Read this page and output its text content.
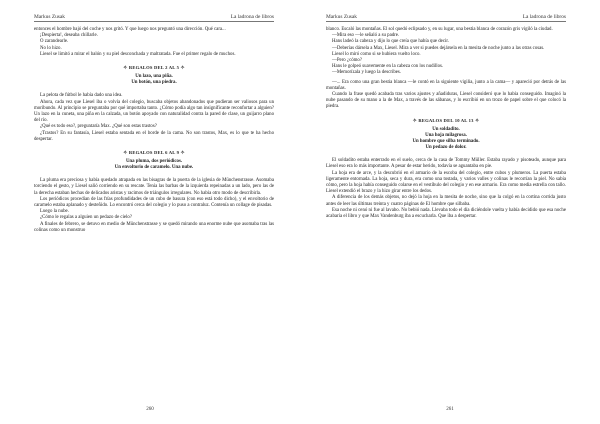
Markus Zusak	La ladrona de libros

entonces el hombre bajó del coche y nos gritó. Y que luego nos preguntó una dirección. Qué cara...

¡Despierta!, deseaba chillarle.

O zarandearle.

No lo hizo.

Liesel se limitó a mirar el balón y su piel desconchada y maltratada. Fue el primer regalo de muchos.

✧ REGALOS DEL 2 AL 5 ✧
Un lazo, una piña.
Un botón, una piedra.

La pelota de fútbol le había dado una idea.

Ahora, cada vez que Liesel iba o volvía del colegio, buscaba objetos abandonados que pudieran ser valiosos para un moribundo. Al principio se preguntaba por qué importaba tanto. ¿Cómo podía algo tan insignificante reconfortar a alguien? Un lazo en la cuneta, una piña en la calzada, un botón apoyado con naturalidad contra la pared de clase, un guijarro plano del río.

¿Qué es todo eso?, preguntaría Max. ¿Qué son estas trastos?

¿Trastos? En su fantasía, Liesel estaba sentada en el borde de la cama. No son trastos, Max, es lo que te ha hecho despertar.

✧ REGALOS DEL 6 AL 9 ✧
Una pluma, dos periódicos.
Un envoltorio de caramelo. Una nube.

La pluma era preciosa y había quedado atrapada en las bisagras de la puerta de la iglesia de Münchenstrasse. Asomaba torciendo el gesto, y Liesel salió corriendo en su rescate. Tenía las barbas de la izquierda repeinadas a un lado, pero las de la derecha estaban hechas de delicados aristas y racimos de triángulos irregulares. No había otro modo de describirla.

Los periódicos procedían de las frías profundidades de un cubo de basura (con eso está todo dicho), y el envoltorio de caramelo estaba aplanado y desteñido. Lo encontró cerca del colegio y lo puso a contraluz. Contenía un collage de pisadas.

Luego la nube.

¿Cómo le regalas a alguien un pedazo de cielo?

A finales de febrero, se detuvo en medio de Münchenstrasse y se quedó mirando una enorme nube que asomaba tras las colinas como un monstruo

260
Markus Zusak	La ladrona de libros

blanco. Escaló las montañas. El sol quedó eclipsado y, en su lugar, una bestia blanca de corazón gris vigiló la ciudad.

—Mira eso —le señaló a su padre.

Hans ladeó la cabeza y dijo lo que creía que había que decir.

—Deberías dársela a Max, Liesel. Mira a ver si puedes dejársela en la mesita de noche junto a las otras cosas.

Liesel lo miró como si se hubiera vuelto loco.

—Pero ¿cómo?

Hans le golpeó suavemente en la cabeza con los nudillos.

—Memorízala y luego la describes.

—... Era como una gran bestia blanca —le contó en la siguiente vigilia, junto a la cama— y apareció por detrás de las montañas.

Cuando la frase quedó acabada tras varios ajustes y añadiduras, Liesel consideró que lo había conseguido. Imaginó la nube pasando de su mano a la de Max, a través de las sábanas, y lo escribió en un trozo de papel sobre el que colocó la piedra.

✧ REGALOS DEL 10 AL 13 ✧
Un soldadito.
Una hoja milagrosa.
Un hombre que silba terminado.
Un pedazo de dolor.

El soldadito estaba enterrado en el suelo, cerca de la casa de Tommy Müller. Estaba rayado y pisoteado, aunque para Liesel eso era lo más importante. A pesar de estar herido, todavía se aguantaba en pie.

La hoja era de arce, y la descubrió en el armario de la escoba del colegio, entre cubos y plumeros. La puerta estaba ligeramente entornada. La hoja, seca y dura, era como una tostada, y varios valles y colinas le recorrían la piel. No sabía cómo, pero la hoja había conseguido colarse en el vestíbulo del colegio y en ese armario. Era como media estrella con tallo. Liesel extendió el brazo y la hizo girar entre los dedos.

A diferencia de los demás objetos, no dejó la hoja en la mesita de noche, sino que la colgó en la cortina corrida justo antes de leer las últimas treinta y cuatro páginas de El hombre que silbaba.

Esa noche ni cenó ni fue al lavabo. No bebió nada. Llevaba todo el día diciéndole vuelta y había decidido que esa noche acabaría el libro y que Max Vandenburg iba a escucharla. Que iba a despertar.

261
